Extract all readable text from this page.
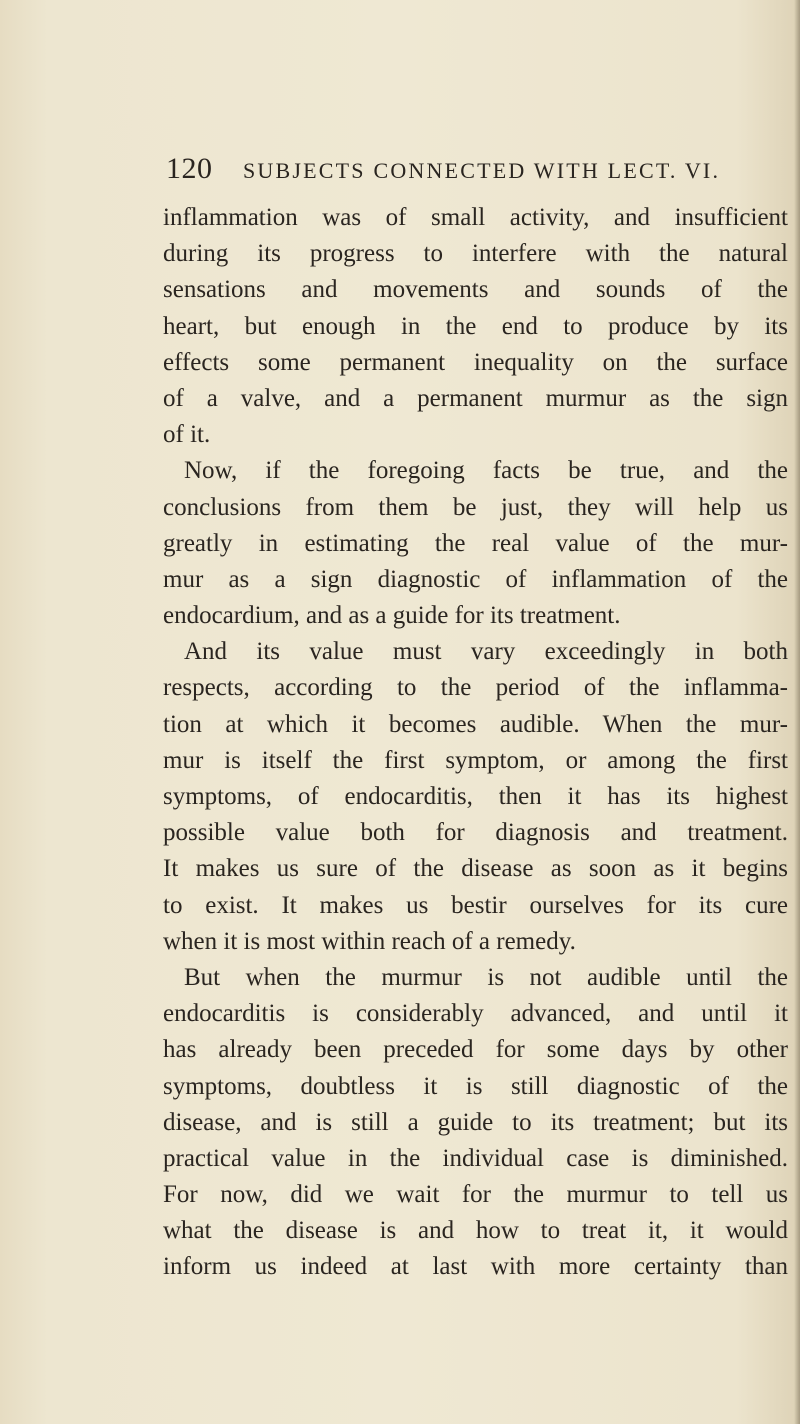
120 SUBJECTS CONNECTED WITH LECT. VI.
inflammation was of small activity, and insufficient
during its progress to interfere with the natural
sensations and movements and sounds of the
heart, but enough in the end to produce by its
effects some permanent inequality on the surface
of a valve, and a permanent murmur as the sign
of it.
Now, if the foregoing facts be true, and the
conclusions from them be just, they will help us
greatly in estimating the real value of the mur-
mur as a sign diagnostic of inflammation of the
endocardium, and as a guide for its treatment.
And its value must vary exceedingly in both
respects, according to the period of the inflamma-
tion at which it becomes audible. When the mur-
mur is itself the first symptom, or among the first
symptoms, of endocarditis, then it has its highest
possible value both for diagnosis and treatment.
It makes us sure of the disease as soon as it begins
to exist. It makes us bestir ourselves for its cure
when it is most within reach of a remedy.
But when the murmur is not audible until the
endocarditis is considerably advanced, and until it
has already been preceded for some days by other
symptoms, doubtless it is still diagnostic of the
disease, and is still a guide to its treatment; but its
practical value in the individual case is diminished.
For now, did we wait for the murmur to tell us
what the disease is and how to treat it, it would
inform us indeed at last with more certainty than
